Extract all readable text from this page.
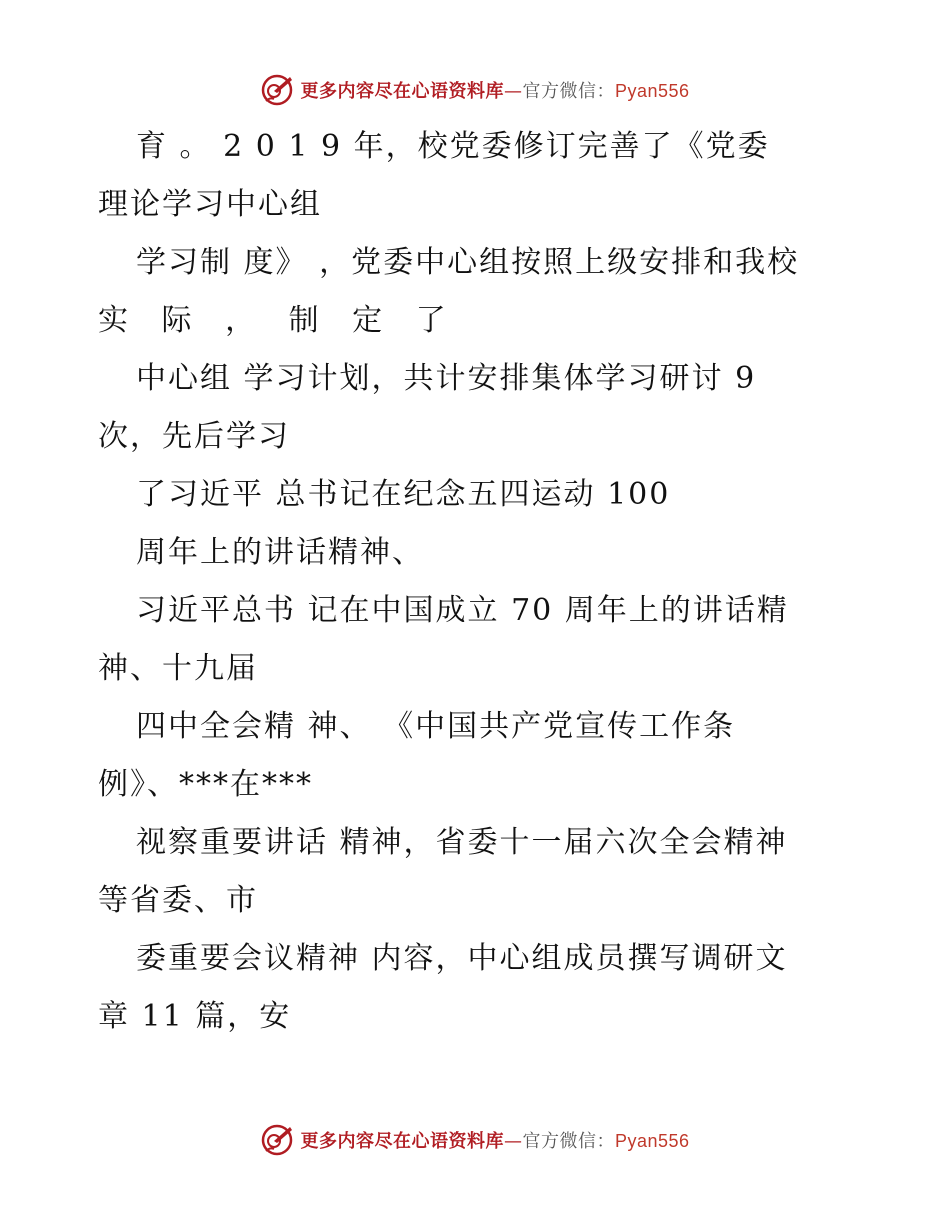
更多内容尽在心语资料库—官方微信：Pyan556
育 。 2 0 1 9 年，校党委修订完善了《党委
理论学习中心组
学习制 度》 ，党委中心组按照上级安排和我校
实 际 ， 制 定 了
中心组 学习计划，共计安排集体学习研讨 9
次，先后学习
了习近平 总书记在纪念五四运动 100
周年上的讲话精神、
习近平总书 记在中国成立 70 周年上的讲话精
神、十九届
四中全会精 神、 《中国共产党宣传工作条
例》、***在***
视察重要讲话 精神，省委十一届六次全会精神
等省委、市
委重要会议精神 内容，中心组成员撰写调研文
章 11 篇，安
更多内容尽在心语资料库—官方微信：Pyan556
